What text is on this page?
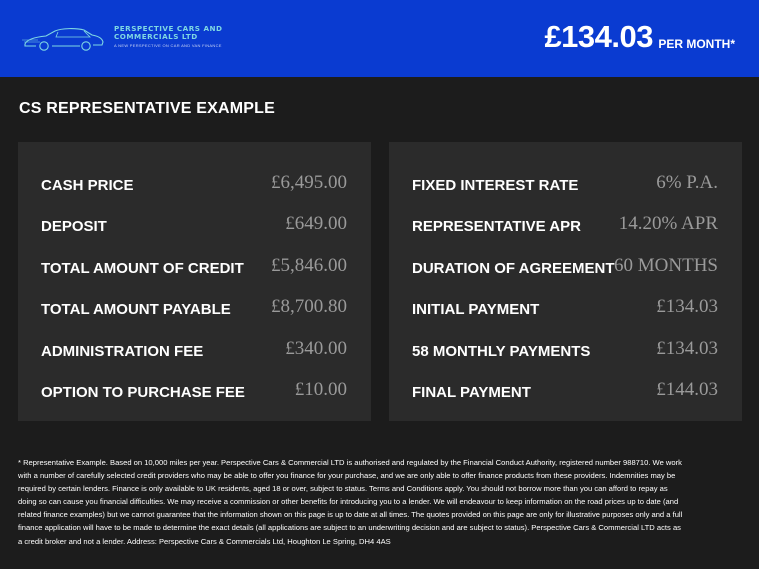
PERSPECTIVE CARS AND COMMERCIALS LTD
A NEW PERSPECTIVE ON CAR AND VAN FINANCE	£134.03 PER MONTH*
CS REPRESENTATIVE EXAMPLE
CASH PRICE	£6,495.00
DEPOSIT	£649.00
TOTAL AMOUNT OF CREDIT £5,846.00
TOTAL AMOUNT PAYABLE £8,700.80
ADMINISTRATION FEE	£340.00
OPTION TO PURCHASE FEE	£10.00
FIXED INTEREST RATE	6% P.A.
REPRESENTATIVE APR 14.20% APR
DURATION OF AGREEMENT 60 MONTHS
INITIAL PAYMENT	£134.03
58 MONTHLY PAYMENTS	£134.03
FINAL PAYMENT	£144.03
* Representative Example. Based on 10,000 miles per year. Perspective Cars & Commercial LTD is authorised and regulated by the Financial Conduct Authority, registered number 988710. We work with a number of carefully selected credit providers who may be able to offer you finance for your purchase, and we are only able to offer finance products from these providers. Indemnities may be required by certain lenders. Finance is only available to UK residents, aged 18 or over, subject to status. Terms and Conditions apply. You should not borrow more than you can afford to repay as doing so can cause you financial difficulties. We may receive a commission or other benefits for introducing you to a lender. We will endeavour to keep information on the road prices up to date (and related finance examples) but we cannot guarantee that the information shown on this page is up to date at all times. The quotes provided on this page are only for illustrative purposes only and a full finance application will have to be made to determine the exact details (all applications are subject to an underwriting decision and are subject to status). Perspective Cars & Commercial LTD acts as a credit broker and not a lender. Address: Perspective Cars & Commercials Ltd, Houghton Le Spring, DH4 4AS
